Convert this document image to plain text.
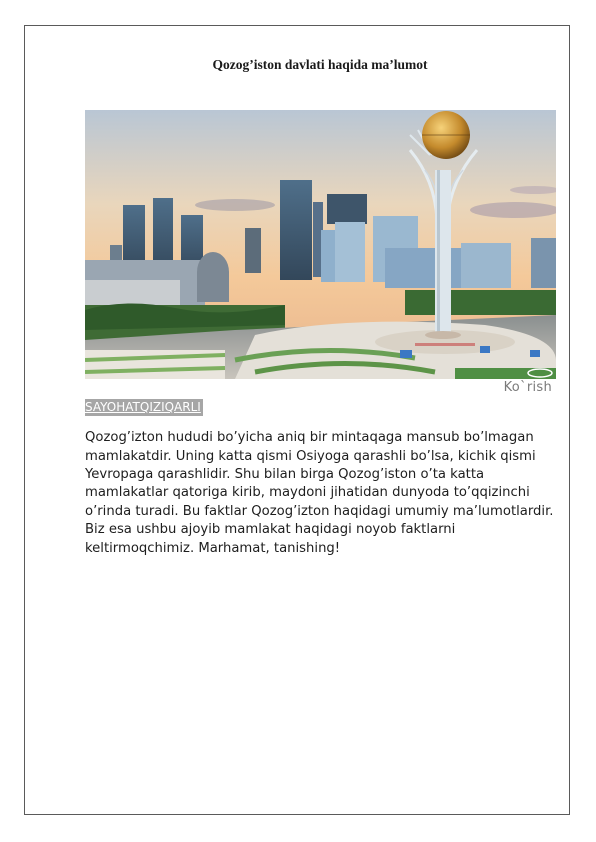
Qozog’iston davlati haqida ma’lumot
Ko`rish
SAYOHATQIZIQARLI

Qozog’izton hududi bo’yicha aniq bir mintaqaga mansub bo’lmagan mamlakatdir. Uning katta qismi Osiyoga qarashli bo’lsa, kichik qismi Yevropaga qarashlidir. Shu bilan birga Qozog’iston o’ta katta mamlakatlar qatoriga kirib, maydoni jihatidan dunyoda to’qqizinchi o’rinda turadi. Bu faktlar Qozog’izton haqidagi umumiy ma’lumotlardir. Biz esa ushbu ajoyib mamlakat haqidagi noyob faktlarni keltirmoqchimiz. Marhamat, tanishing!
